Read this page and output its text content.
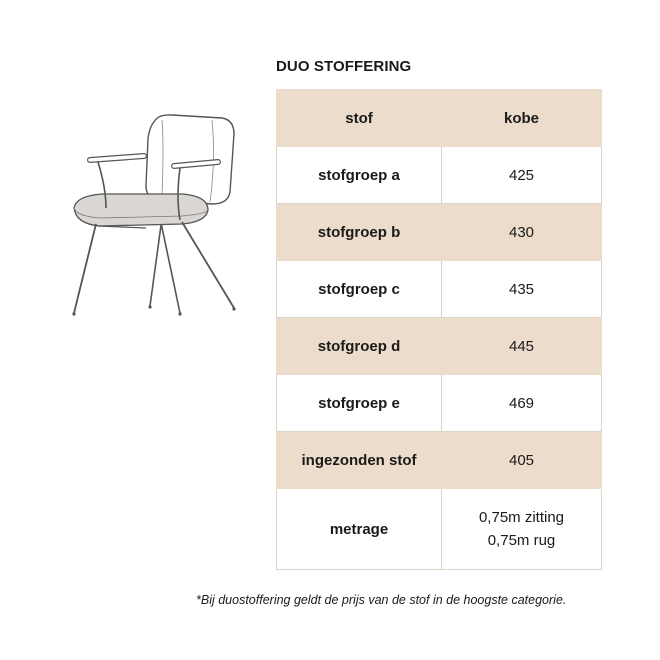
DUO STOFFERING
stof	kobe
stofgroep a	425
stofgroep b	430
stofgroep c	435
stofgroep d	445
stofgroep e	469
ingezonden stof	405
metrage	0,75m zitting
0,75m rug
*Bij duostoffering geldt de prijs van de stof in de hoogste categorie.
